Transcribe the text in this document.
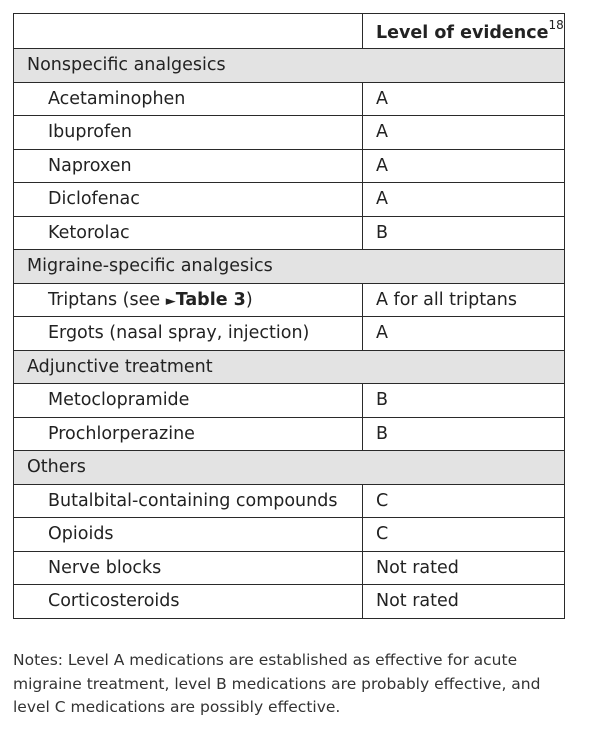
	Level of evidence$^{18}$
Nonspecific analgesics	
Acetaminophen	A
Ibuprofen	A
Naproxen	A
Diclofenac	A
Ketorolac	B
Migraine-specific analgesics	
Triptans (see ►Table 3)	A for all triptans
Ergots (nasal spray, injection)	A
Adjunctive treatment	
Metoclopramide	B
Prochlorperazine	B
Others	
Butalbital-containing compounds	C
Opioids	C
Nerve blocks	Not rated
Corticosteroids	Not rated
Notes: Level A medications are established as effective for acute migraine treatment, level B medications are probably effective, and level C medications are possibly effective.
